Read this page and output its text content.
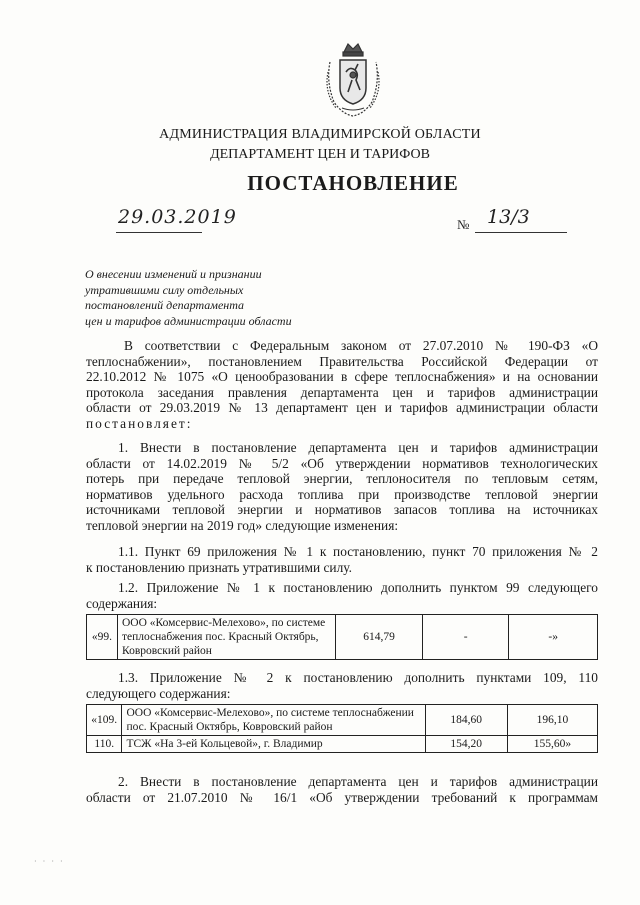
АДМИНИСТРАЦИЯ ВЛАДИМИРСКОЙ ОБЛАСТИ
ДЕПАРТАМЕНТ ЦЕН И ТАРИФОВ
ПОСТАНОВЛЕНИЕ
29.03.2019	№ 13/3
О внесении изменений и признании
утратившими силу отдельных
постановлений департамента
цен и тарифов администрации области
В соответствии с Федеральным законом от 27.07.2010 № 190-ФЗ «О
теплоснабжении», постановлением Правительства Российской Федерации от
22.10.2012 № 1075 «О ценообразовании в сфере теплоснабжения» и на основании
протокола заседания правления департамента цен и тарифов администрации
области от 29.03.2019 № 13 департамент цен и тарифов администрации области
постановляет:
1. Внести в постановление департамента цен и тарифов администрации
области от 14.02.2019 № 5/2 «Об утверждении нормативов технологических
потерь при передаче тепловой энергии, теплоносителя по тепловым сетям,
нормативов удельного расхода топлива при производстве тепловой энергии
источниками тепловой энергии и нормативов запасов топлива на источниках
тепловой энергии на 2019 год» следующие изменения:
1.1. Пункт 69 приложения № 1 к постановлению, пункт 70 приложения № 2
к постановлению признать утратившими силу.
1.2. Приложение № 1 к постановлению дополнить пунктом 99 следующего
содержания:
«99.	ООО «Комсервис-Мелехово», по системе теплоснабжения пос. Красный Октябрь, Ковровский район	614,79	-	-»
1.3. Приложение № 2 к постановлению дополнить пунктами 109, 110
следующего содержания:
«109.	ООО «Комсервис-Мелехово», по системе теплоснабжении пос. Красный Октябрь, Ковровский район	184,60	196,10
110.	ТСЖ «На 3-ей Кольцевой», г. Владимир	154,20	155,60»
2. Внести в постановление департамента цен и тарифов администрации
области от 21.07.2010 № 16/1 «Об утверждении требований к программам
· · · ·
